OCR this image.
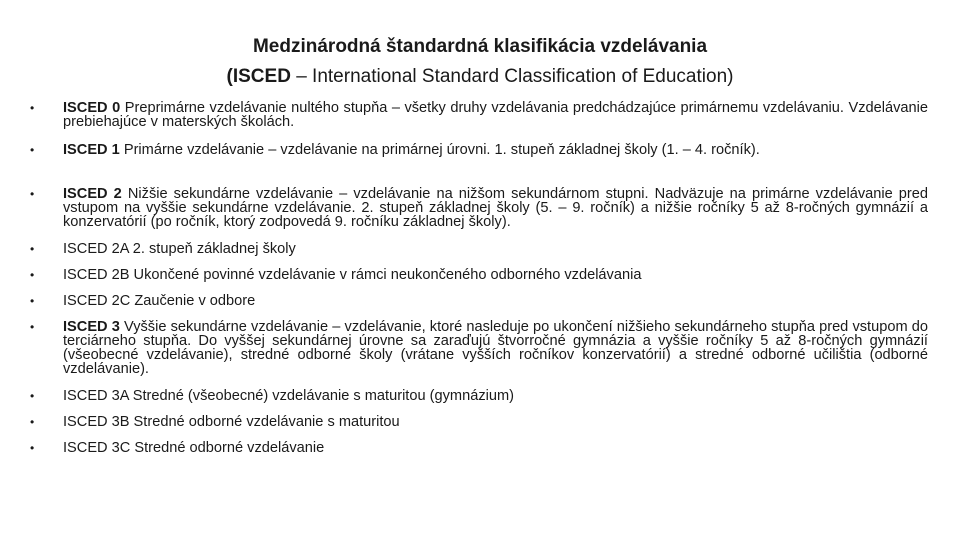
Medzinárodná štandardná klasifikácia vzdelávania
(ISCED – International Standard Classification of Education)
• ISCED 0 Preprimárne vzdelávanie nultého stupňa – všetky druhy vzdelávania predchádzajúce primárnemu vzdelávaniu. Vzdelávanie prebiehajúce v materských školách.
• ISCED 1 Primárne vzdelávanie – vzdelávanie na primárnej úrovni. 1. stupeň základnej školy (1. – 4. ročník).
• ISCED 2 Nižšie sekundárne vzdelávanie – vzdelávanie na nižšom sekundárnom stupni. Nadväzuje na primárne vzdelávanie pred vstupom na vyššie sekundárne vzdelávanie. 2. stupeň základnej školy (5. – 9. ročník) a nižšie ročníky 5 až 8-ročných gymnázií a konzervatórií (po ročník, ktorý zodpovedá 9. ročníku základnej školy).
• ISCED 2A 2. stupeň základnej školy
• ISCED 2B Ukončené povinné vzdelávanie v rámci neukončeného odborného vzdelávania
• ISCED 2C Zaučenie v odbore
• ISCED 3 Vyššie sekundárne vzdelávanie – vzdelávanie, ktoré nasleduje po ukončení nižšieho sekundárneho stupňa pred vstupom do terciárneho stupňa. Do vyššej sekundárnej úrovne sa zaraďujú štvorročné gymnázia a vyššie ročníky 5 až 8-ročných gymnázií (všeobecné vzdelávanie), stredné odborné školy (vrátane vyšších ročníkov konzervatórií) a stredné odborné učilištia (odborné vzdelávanie).
• ISCED 3A Stredné (všeobecné) vzdelávanie s maturitou (gymnázium)
• ISCED 3B Stredné odborné vzdelávanie s maturitou
• ISCED 3C Stredné odborné vzdelávanie
